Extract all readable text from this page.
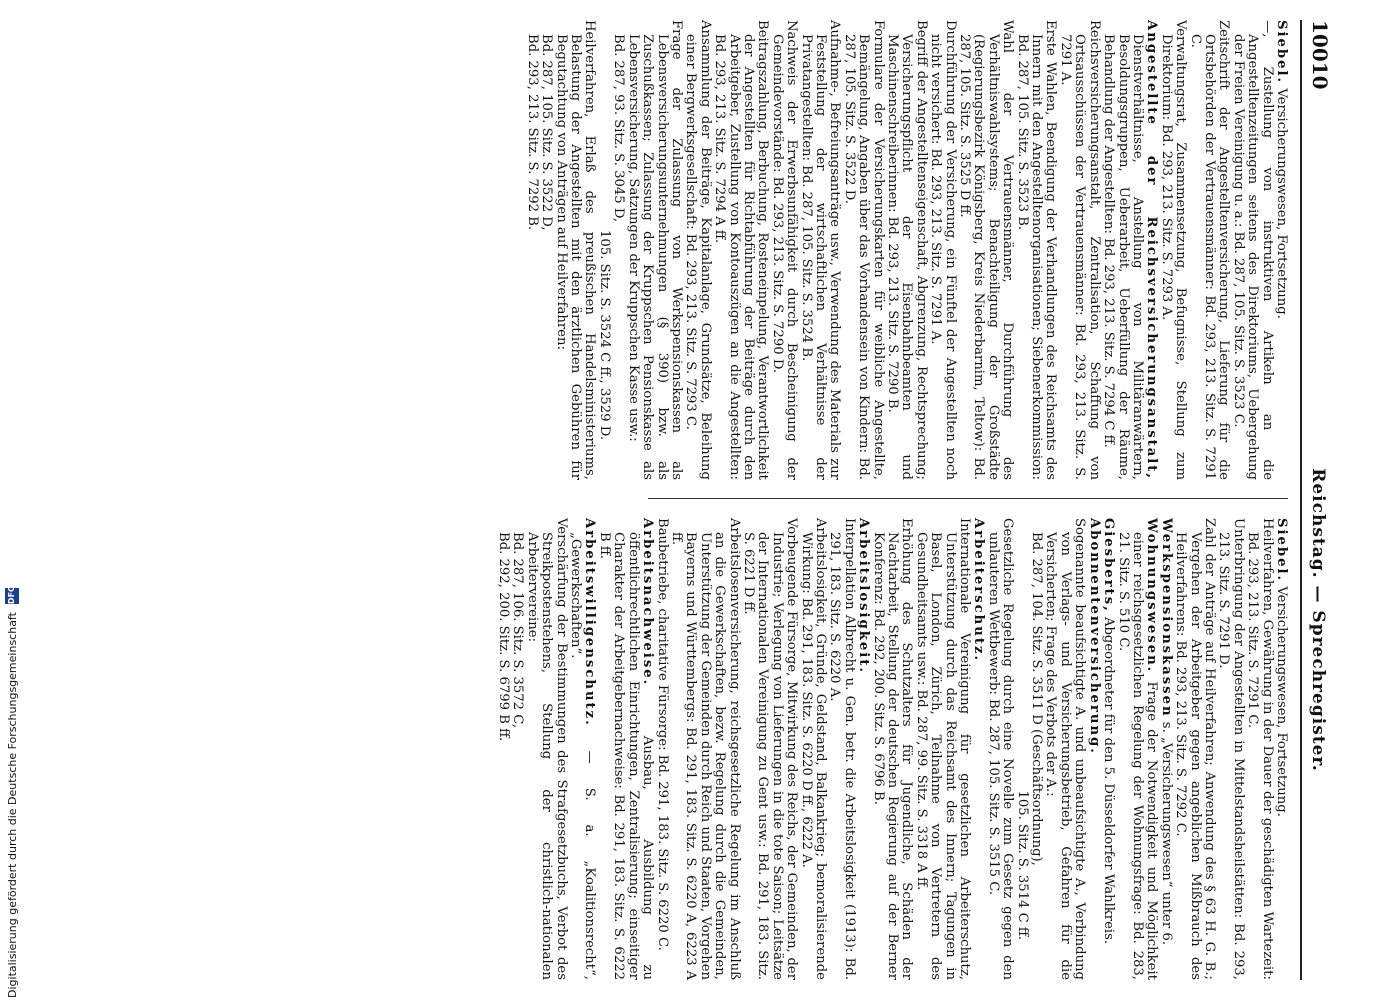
10010
Reichstag. — Sprechregister.

Siebel. Versicherungswesen, Fortsetzung.

—, Zustellung von instruktiven Artikeln an die Angestelltenzeitungen seitens des Direktoriums, Uebergehung der Freien Vereinigung u. a.: Bd. 287, 105. Sitz. S. 3523 C.

Zeitschrift der Angestelltenversicherung, Lieferung für die Ortsbehörden der Vertrauensmänner: Bd. 293, 213. Sitz. S. 7291 C.

Verwaltungsrat, Zusammensetzung, Befugnisse, Stellung zum Direktorium: Bd. 293, 213. Sitz. S. 7293 A.

Angestellte der Reichsversicherungsanstalt, Dienstverhältnisse, Anstellung von Militäranwärtern, Besoldungsgruppen, Ueberarbeit, Ueberfüllung der Räume, Behandlung der Angestellten: Bd. 293, 213. Sitz. S. 7294 C ff.

Reichsversicherungsanstalt, Zentralisation, Schaffung von Ortsausschüssen der Vertrauensmänner: Bd. 293, 213. Sitz. S. 7291 A.

Erste Wahlen, Beendigung der Verhandlungen des Reichsamts des Innern mit den Angestelltenorganisationen; Siebenerkommission: Bd. 287, 105. Sitz. S. 3523 B.

Wahl der Vertrauensmänner, Durchführung des Verhältniswahlsystems; Benachteiligung der Großstädte (Regierungsbezirk Königsberg, Kreis Niederbarnim, Teltow): Bd. 287, 105. Sitz. S. 3525 D ff.

Durchführung der Versicherung, ein Fünftel der Angestellten noch nicht versichert: Bd. 293, 213. Sitz. S. 7291 A.

Begriff der Angestelltenseigenschaft, Abgrenzung, Rechtsprechung; Versicherungspflicht der Eisenbahnbeamten und Maschinenschreiberinnen: Bd. 293, 213. Sitz. S. 7290 B.

Formulare der Versicherungskarten für weibliche Angestellte, Bemängelung, Angaben über das Vorhandensein von Kindern: Bd. 287, 105. Sitz. S. 3522 D.

Aufnahme-, Befreiungsanträge usw., Verwendung des Materials zur Feststellung der wirtschaftlichen Verhältnisse der Privatangestellten: Bd. 287, 105. Sitz. S. 3524 B.

Nachweis der Erwerbsunfähigkeit durch Bescheinigung der Gemeindevorstände: Bd. 293, 213. Sitz. S. 7290 D.

Beitragszahlung, Berbuchung, Rosteneinpelung, Verantwortlichkeit der Angestellten für Richtabführung der Beiträge durch den Arbeitgeber, Zustellung von Kontoauszügen an die Angestellten: Bd. 293, 213. Sitz. S. 7294 A ff.

Ansammlung der Beiträge, Kapitalanlage, Grundsätze, Beleihung einer Bergwerksgesellschaft: Bd. 293, 213. Sitz. S. 7293 C.

Frage der Zulassung von Werkspensionskassen als Lebensversicherungsunternehmungen (§ 390) bzw. als Zuschußkassen; Zulassung der Kruppschen Pensionskasse als Lebensversicherung, Satzungen der Kruppschen Kasse usw.:

Bd. 287, 93. Sitz. S. 3045 D,

105. Sitz. S. 3524 C ff., 3529 D.

Heilverfahren, Erlaß des preußischen Handelsministeriums, Belastung der Angestellten mit den ärztlichen Gebühren für Begutachtung von Anträgen auf Heilverfahren:

Bd. 287, 105. Sitz. S. 3522 D,

Bd. 293, 213. Sitz. S. 7292 B.

Siebel. Versicherungswesen, Fortsetzung.

Heilverfahren, Gewährung in der Dauer der geschädigten Wartezeit: Bd. 293, 213. Sitz. S. 7291 C.

Unterbringung der Angestellten in Mittelstandsheilstätten: Bd. 293, 213. Sitz. S. 7291 D.

Zahl der Anträge auf Heilverfahren; Anwendung des § 63 H. G. B.; Vergehen der Arbeitgeber gegen angeblichen Mißbrauch des Heilverfahrens: Bd. 293, 213. Sitz. S. 7292 C.

Werkspensionskassen s. „Versicherungswesen“ unter 6.

Wohnungswesen. Frage der Notwendigkeit und Möglichkeit einer reichsgesetzlichen Regelung der Wohnungsfrage: Bd. 283, 21. Sitz. S. 510 C.

Giesberts, Abgeordneter für den 5. Düsseldorfer Wahlkreis.

Abonnentenversicherung.

Sogenannte beaufsichtigte A. und unbeaufsichtigte A., Verbindung von Verlags- und Versicherungsbetrieb, Gefahren für die Versicherten; Frage des Verbots der A.:

Bd. 287, 104. Sitz. S. 3511 D (Geschäftsordnung),

105. Sitz. S. 3514 C ff.

Gesetzliche Regelung durch eine Novelle zum Gesetz gegen den unlauteren Wettbewerb: Bd. 287, 105. Sitz. S. 3515 C.

Arbeiterschutz.

Internationale Vereinigung für gesetzlichen Arbeiterschutz, Unterstützung durch das Reichsamt des Innern; Tagungen in Basel, London, Zürich, Teilnahme von Vertretern des Gesundheitsamts usw.: Bd. 287, 99. Sitz. S. 3318 A ff.

Erhöhung des Schutzalters für Jugendliche, Schäden der Nachtarbeit, Stellung der deutschen Regierung auf der Berner Konferenz: Bd. 292, 200. Sitz. S. 6796 B.

Arbeitslosigkeit.

Interpellation Albrecht u. Gen. betr. die Arbeitslosigkeit (1913): Bd. 291, 183. Sitz. S. 6220 A.

Arbeitslosigkeit, Gründe, Geldstand, Balkankrieg; bemoralisierende Wirkung: Bd. 291, 183. Sitz. S. 6220 D ff., 6222 A.

Vorbeugende Fürsorge, Mitwirkung des Reichs, der Gemeinden, der Industrie; Verlegung von Lieferungen in die tote Saison; Leitsätze der Internationalen Vereinigung zu Gent usw.: Bd. 291, 183. Sitz. S. 6221 D ff.

Arbeitslosenversicherung, reichsgesetzliche Regelung im Anschluß an die Gewerkschaften, bezw. Regelung durch die Gemeinden, Unterstützung der Gemeinden durch Reich und Staaten, Vorgehen Bayerns und Württembergs: Bd. 291, 183. Sitz. S. 6220 A, 6223 A ff.

Baubetriebe, charitative Fürsorge: Bd. 291, 183. Sitz. S. 6220 C.

Arbeitsnachweise. Ausbau, Ausbildung zu öffentlichrechtlichen Einrichtungen, Zentralisierung; einseitiger Charakter der Arbeitgebernachweise: Bd. 291, 183. Sitz. S. 6222 B ff.

Arbeitswilligenschutz. — S. a. „Koalitionsrecht“, „Gewerkschaften“.

Verschärfung der Bestimmungen des Strafgesetzbuchs, Verbot des Streikpostenstehens, Stellung der christlich-nationalen Arbeitervereine:

Bd. 287, 106. Sitz. S. 3572 C,

Bd. 292, 200. Sitz. S. 6799 B ff.

Digitalisierung gefördert durch die Deutsche Forschungsgemeinschaft
DFG
